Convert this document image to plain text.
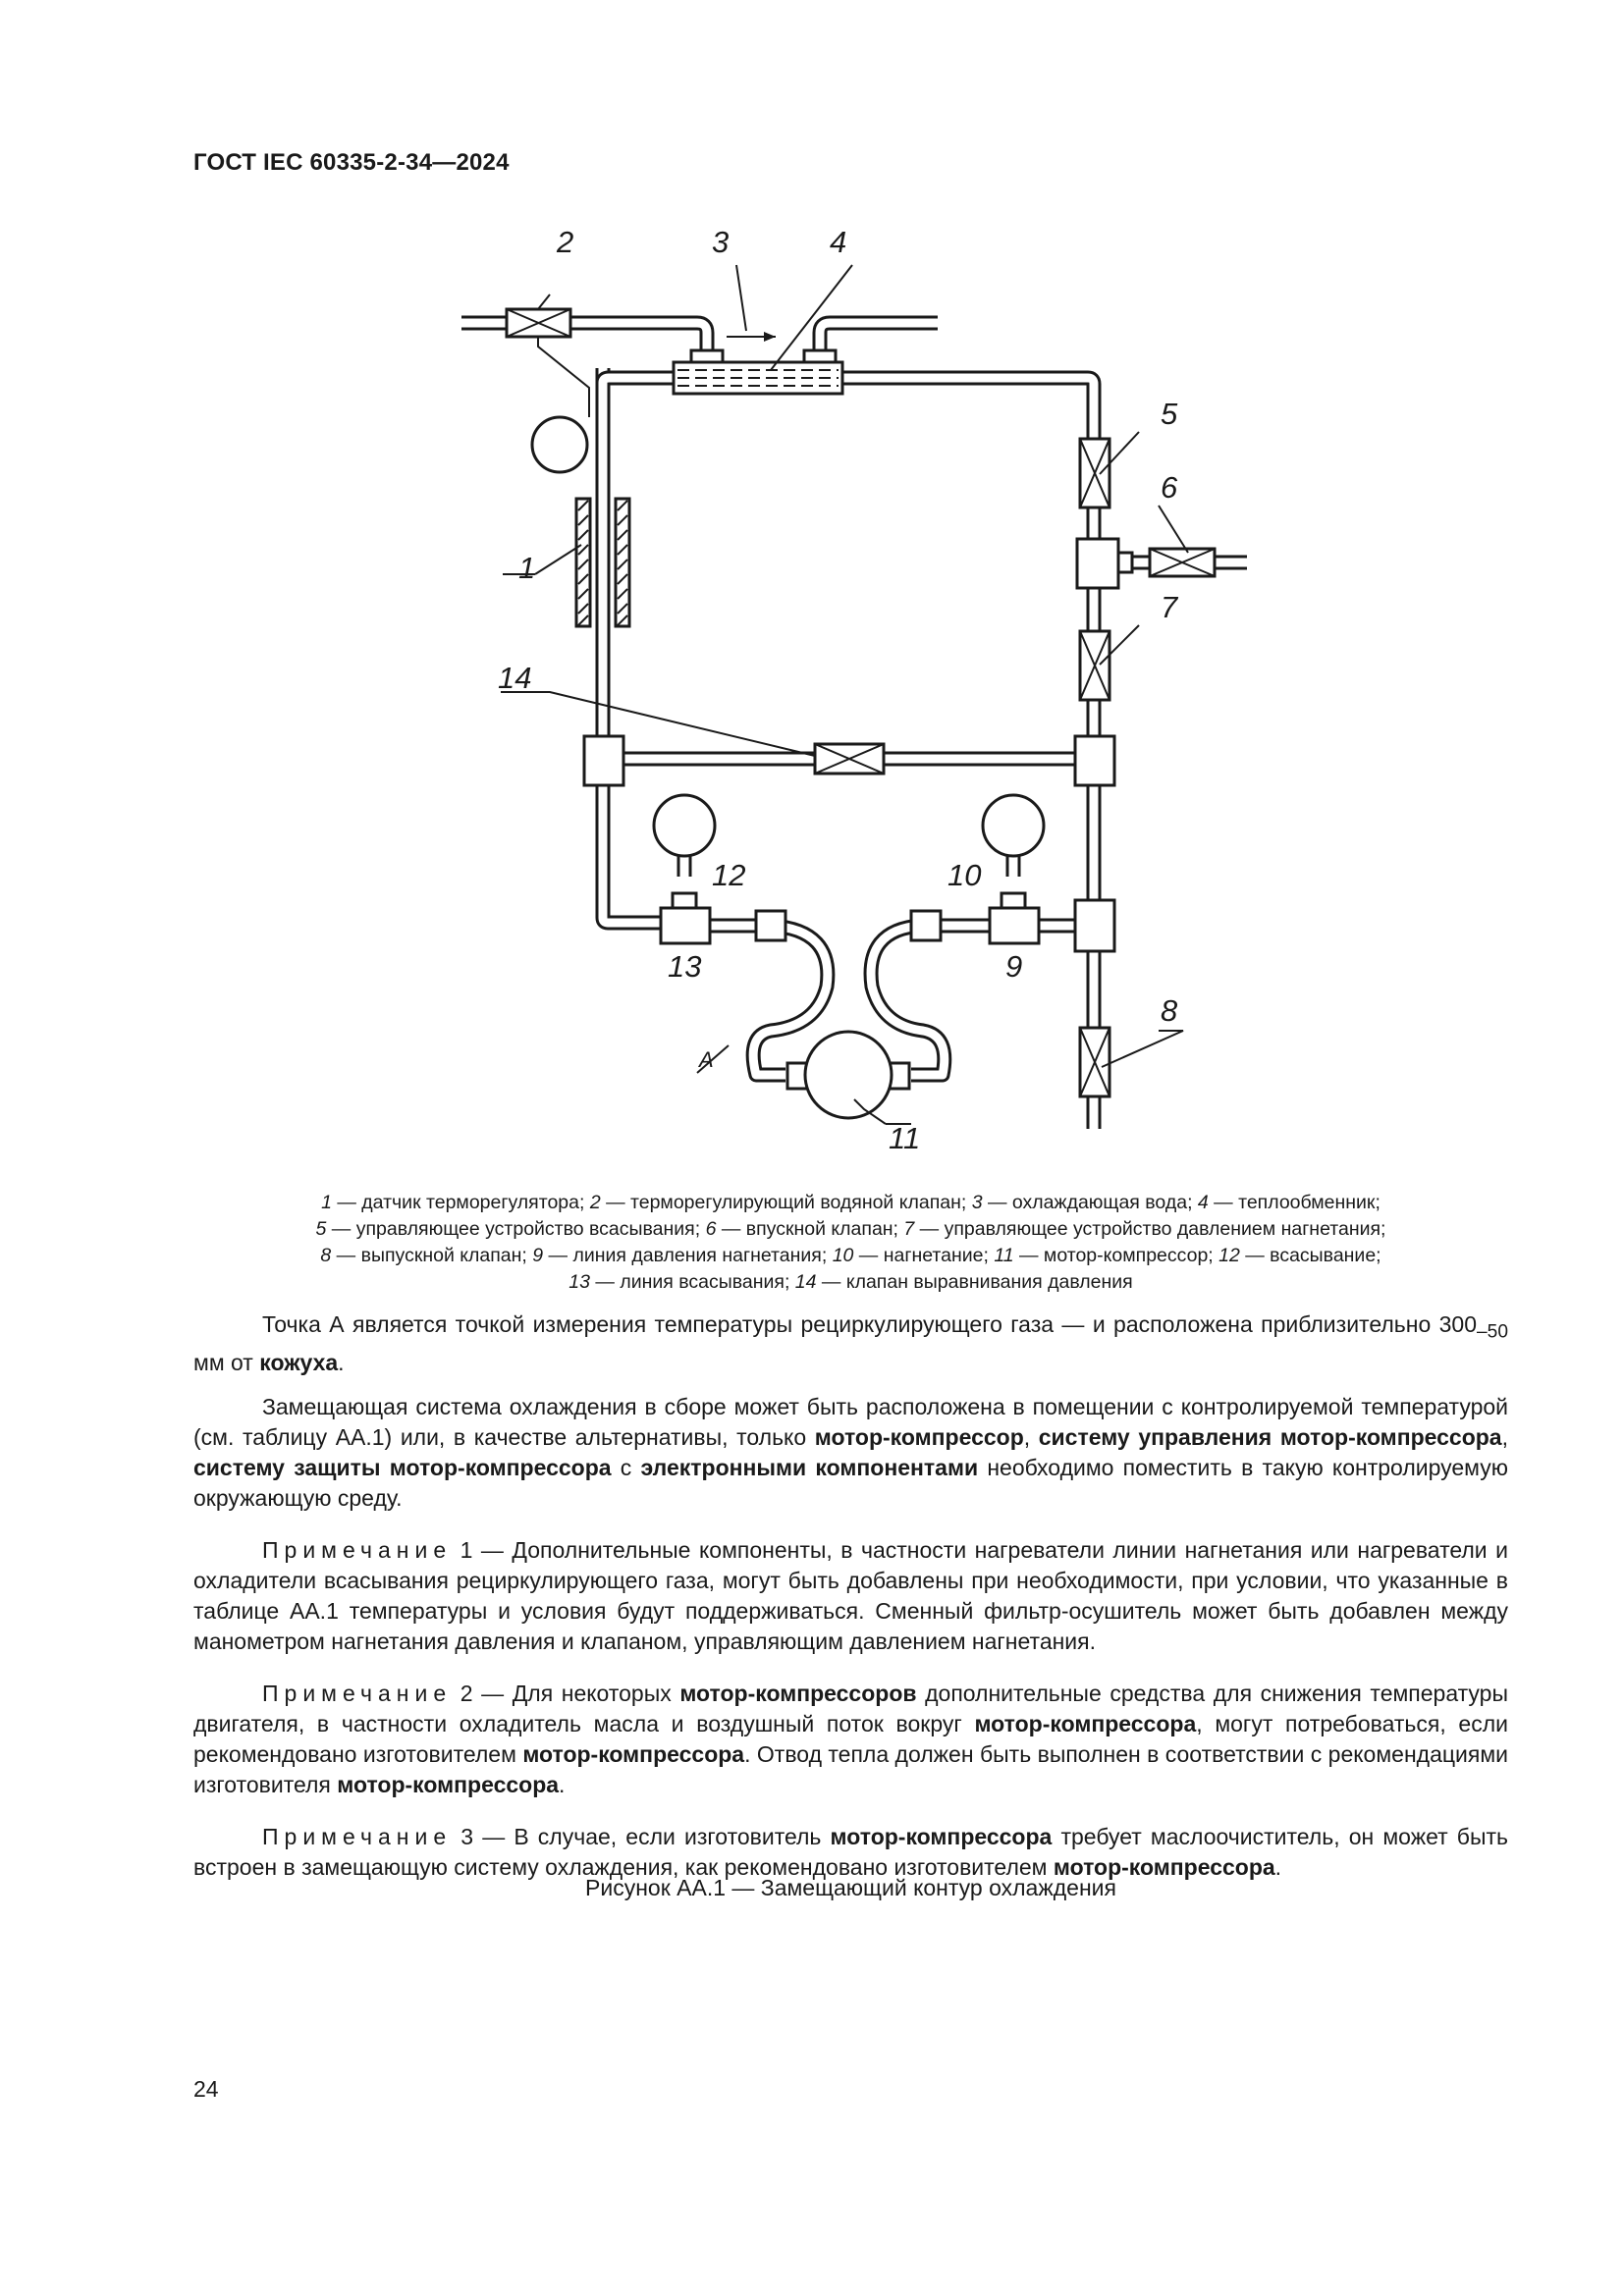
ГОСТ IEC 60335-2-34—2024
2	3	4
5
6
1
7
14
12	10
13	9
8
A
11
1 — датчик терморегулятора; 2 — терморегулирующий водяной клапан; 3 — охлаждающая вода; 4 — теплообменник;
5 — управляющее устройство всасывания; 6 — впускной клапан; 7 — управляющее устройство давлением нагнетания;
8 — выпускной клапан; 9 — линия давления нагнетания; 10 — нагнетание; 11 — мотор-компрессор; 12 — всасывание;
13 — линия всасывания; 14 — клапан выравнивания давления

Точка А является точкой измерения температуры рециркулирующего газа — и расположена приблизительно $300_{-50}$ мм от кожуха.

Замещающая система охлаждения в сборе может быть расположена в помещении с контролируемой температурой (см. таблицу АА.1) или, в качестве альтернативы, только мотор-компрессор, систему управления мотор-компрессора, систему защиты мотор-компрессора с электронными компонентами необходимо поместить в такую контролируемую окружающую среду.

Примечание 1 — Дополнительные компоненты, в частности нагреватели линии нагнетания или нагреватели и охладители всасывания рециркулирующего газа, могут быть добавлены при необходимости, при условии, что указанные в таблице АА.1 температуры и условия будут поддерживаться. Сменный фильтр-осушитель может быть добавлен между манометром нагнетания давления и клапаном, управляющим давлением нагнетания.

Примечание 2 — Для некоторых мотор-компрессоров дополнительные средства для снижения температуры двигателя, в частности охладитель масла и воздушный поток вокруг мотор-компрессора, могут потребоваться, если рекомендовано изготовителем мотор-компрессора. Отвод тепла должен быть выполнен в соответствии с рекомендациями изготовителя мотор-компрессора.

Примечание 3 — В случае, если изготовитель мотор-компрессора требует маслоочиститель, он может быть встроен в замещающую систему охлаждения, как рекомендовано изготовителем мотор-компрессора.

Рисунок АА.1 — Замещающий контур охлаждения
24
